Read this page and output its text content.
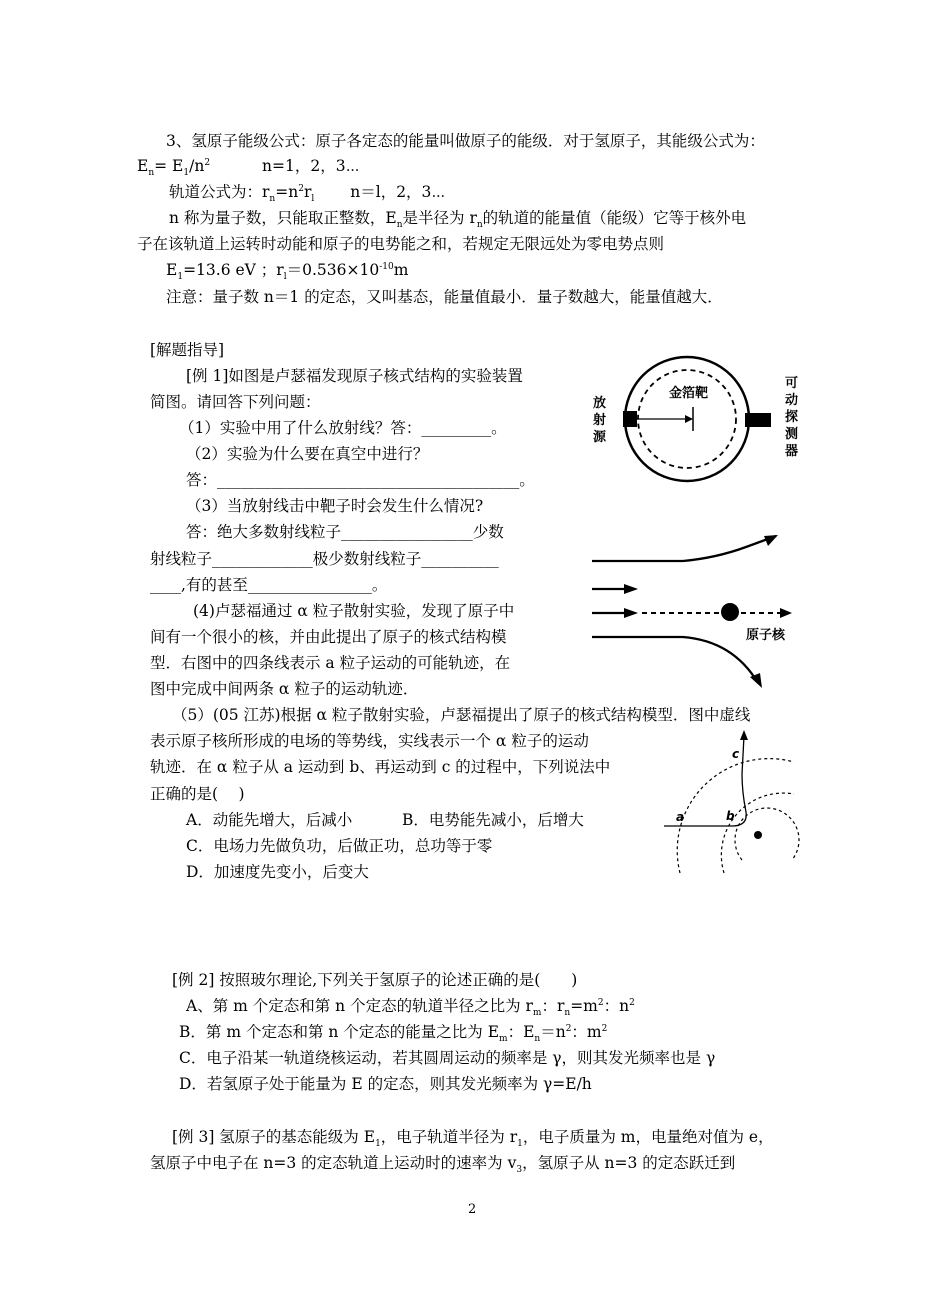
3、氢原子能级公式：原子各定态的能量叫做原子的能级．对于氢原子，其能级公式为：
$E_n= E_1/n^2$	n=1，2，3⋯
轨道公式为：$r_n=n^2r_l$ n＝l，2，3⋯
n 称为量子数，只能取正整数，$E_n$是半径为 $r_n$的轨道的能量值（能级）它等于核外电
子在该轨道上运转时动能和原子的电势能之和，若规定无限远处为零电势点则
$E_1=13.6$ eV ；$r_l=0.536\times 10^{-10}m$
注意：量子数 n＝1 的定态，又叫基态，能量值最小．量子数越大，能量值越大．
[解题指导]
[例 1]如图是卢瑟福发现原子核式结构的实验装置
简图。请回答下列问题：
（1）实验中用了什么放射线？答：_________。
（2）实验为什么要在真空中进行？
答：_______________________________________。
（3）当放射线击中靶子时会发生什么情况?
答：绝大多数射线粒子_________________少数
射线粒子_____________极少数射线粒子__________
____,有的甚至________________。
(4)卢瑟福通过 α 粒子散射实验，发现了原子中
间有一个很小的核，并由此提出了原子的核式结构模
型．右图中的四条线表示 a 粒子运动的可能轨迹，在
图中完成中间两条 α 粒子的运动轨迹．
（5）(05 江苏)根据 α 粒子散射实验，卢瑟福提出了原子的核式结构模型．图中虚线
表示原子核所形成的电场的等势线，实线表示一个 α 粒子的运动
轨迹．在 α 粒子从 a 运动到 b、再运动到 c 的过程中，下列说法中
正确的是(　 )
A．动能先增大，后减小	B．电势能先减小，后增大
C．电场力先做负功，后做正功，总功等于零
D．加速度先变小，后变大
金箔靶
放
射
源
可
动
探
测
器
原子核
a	b
c
[例 2] 按照玻尔理论,下列关于氢原子的论述正确的是(　　)
A、第 m 个定态和第 n 个定态的轨道半径之比为 $r_m$：$r_n=m^2$：$n^2$
B．第 m 个定态和第 n 个定态的能量之比为 $E_m$：$E_n=n^2$：$m^2$
C．电子沿某一轨道绕核运动，若其圆周运动的频率是 γ，则其发光频率也是 γ
D．若氢原子处于能量为 E 的定态，则其发光频率为 γ=E/h
[例 3] 氢原子的基态能级为 $E_1$，电子轨道半径为 $r_1$，电子质量为 m，电量绝对值为 e，
氢原子中电子在 n=3 的定态轨道上运动时的速率为 $v_3$，氢原子从 n=3 的定态跃迁到
2
